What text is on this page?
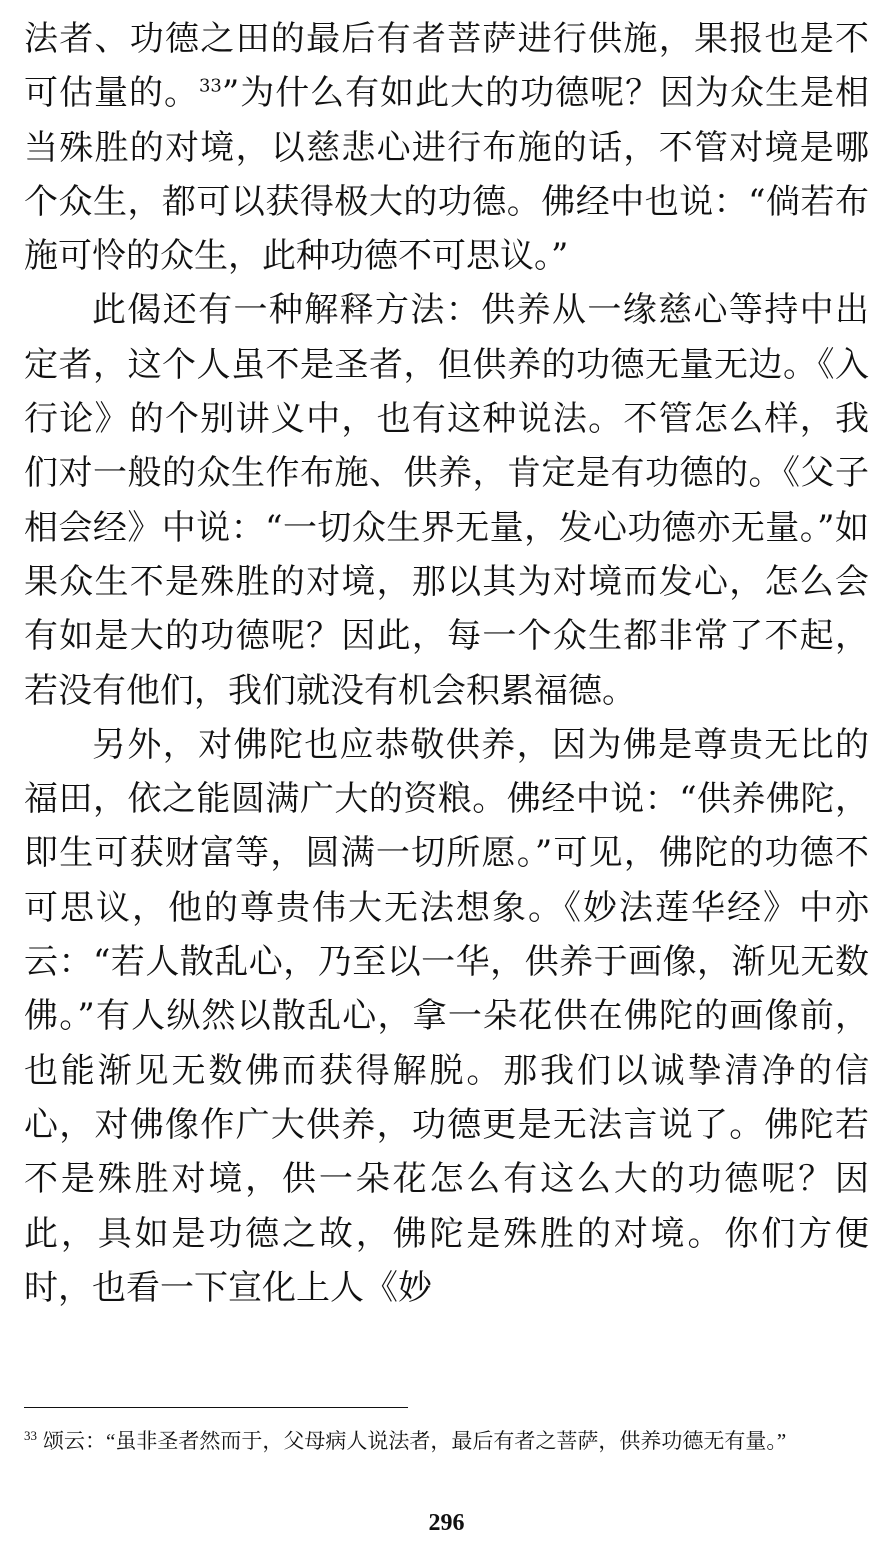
法者、功德之田的最后有者菩萨进行供施，果报也是不可估量的。$^{33}$”为什么有如此大的功德呢？因为众生是相当殊胜的对境，以慈悲心进行布施的话，不管对境是哪个众生，都可以获得极大的功德。佛经中也说：“倘若布施可怜的众生，此种功德不可思议。”

此偈还有一种解释方法：供养从一缘慈心等持中出定者，这个人虽不是圣者，但供养的功德无量无边。《入行论》的个别讲义中，也有这种说法。不管怎么样，我们对一般的众生作布施、供养，肯定是有功德的。《父子相会经》中说：“一切众生界无量，发心功德亦无量。”如果众生不是殊胜的对境，那以其为对境而发心，怎么会有如是大的功德呢？因此，每一个众生都非常了不起，若没有他们，我们就没有机会积累福德。

另外，对佛陀也应恭敬供养，因为佛是尊贵无比的福田，依之能圆满广大的资粮。佛经中说：“供养佛陀，即生可获财富等，圆满一切所愿。”可见，佛陀的功德不可思议，他的尊贵伟大无法想象。《妙法莲华经》中亦云：“若人散乱心，乃至以一华，供养于画像，渐见无数佛。”有人纵然以散乱心，拿一朵花供在佛陀的画像前，也能渐见无数佛而获得解脱。那我们以诚挚清净的信心，对佛像作广大供养，功德更是无法言说了。佛陀若不是殊胜对境，供一朵花怎么有这么大的功德呢？因此，具如是功德之故，佛陀是殊胜的对境。你们方便时，也看一下宣化上人《妙

$^{33}$ 颂云：“虽非圣者然而于，父母病人说法者，最后有者之菩萨，供养功德无有量。”
296
